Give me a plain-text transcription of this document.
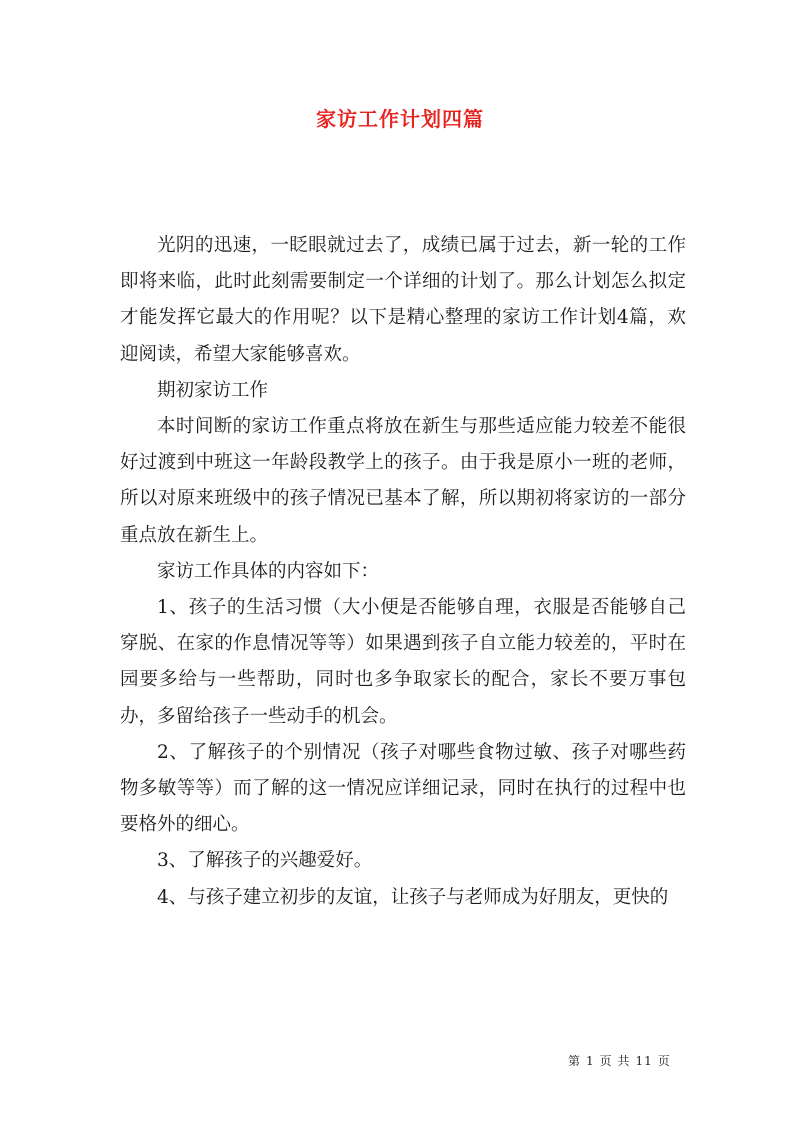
家访工作计划四篇

光阴的迅速，一眨眼就过去了，成绩已属于过去，新一轮的工作即将来临，此时此刻需要制定一个详细的计划了。那么计划怎么拟定才能发挥它最大的作用呢？以下是精心整理的家访工作计划4篇，欢迎阅读，希望大家能够喜欢。

期初家访工作

本时间断的家访工作重点将放在新生与那些适应能力较差不能很好过渡到中班这一年龄段教学上的孩子。由于我是原小一班的老师，所以对原来班级中的孩子情况已基本了解，所以期初将家访的一部分重点放在新生上。

家访工作具体的内容如下：

1、孩子的生活习惯（大小便是否能够自理，衣服是否能够自己穿脱、在家的作息情况等等）如果遇到孩子自立能力较差的，平时在园要多给与一些帮助，同时也多争取家长的配合，家长不要万事包办，多留给孩子一些动手的机会。

2、了解孩子的个别情况（孩子对哪些食物过敏、孩子对哪些药物多敏等等）而了解的这一情况应详细记录，同时在执行的过程中也要格外的细心。

3、了解孩子的兴趣爱好。

4、与孩子建立初步的友谊，让孩子与老师成为好朋友，更快的

第 1 页 共 11 页
